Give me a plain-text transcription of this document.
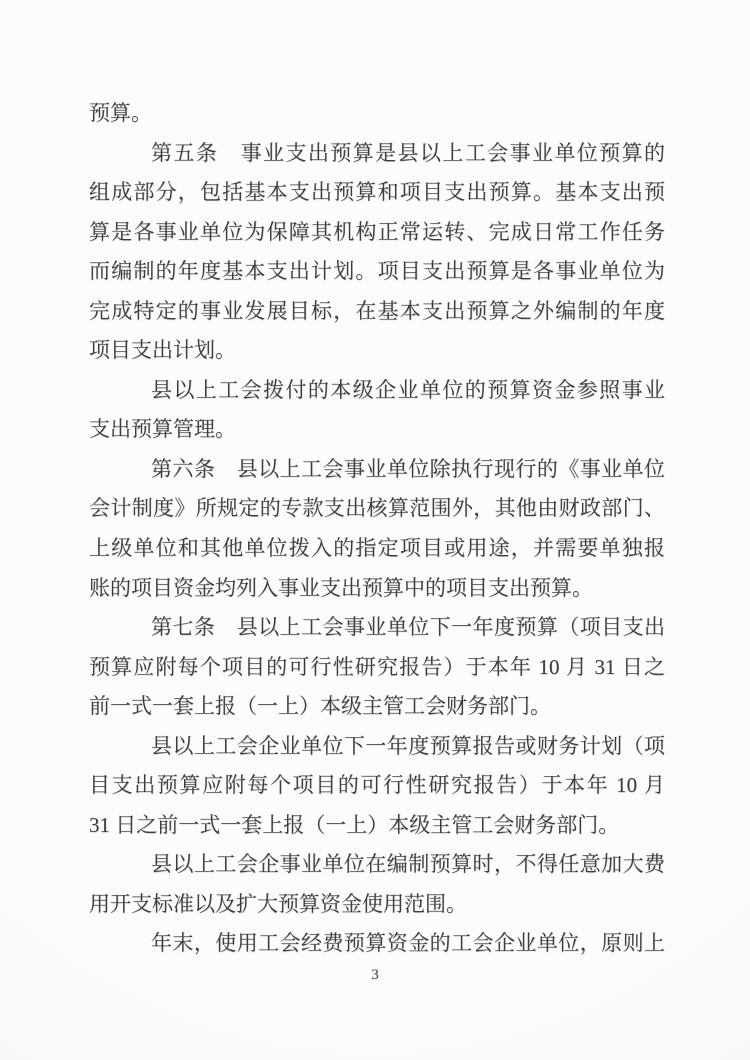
预算。
第五条　事业支出预算是县以上工会事业单位预算的
组成部分，包括基本支出预算和项目支出预算。基本支出预
算是各事业单位为保障其机构正常运转、完成日常工作任务
而编制的年度基本支出计划。项目支出预算是各事业单位为
完成特定的事业发展目标，在基本支出预算之外编制的年度
项目支出计划。
县以上工会拨付的本级企业单位的预算资金参照事业
支出预算管理。
第六条　县以上工会事业单位除执行现行的《事业单位
会计制度》所规定的专款支出核算范围外，其他由财政部门、
上级单位和其他单位拨入的指定项目或用途，并需要单独报
账的项目资金均列入事业支出预算中的项目支出预算。
第七条　县以上工会事业单位下一年度预算（项目支出
预算应附每个项目的可行性研究报告）于本年 10 月 31 日之
前一式一套上报（一上）本级主管工会财务部门。
县以上工会企业单位下一年度预算报告或财务计划（项
目支出预算应附每个项目的可行性研究报告）于本年 10 月
31 日之前一式一套上报（一上）本级主管工会财务部门。
县以上工会企事业单位在编制预算时，不得任意加大费
用开支标准以及扩大预算资金使用范围。
年末，使用工会经费预算资金的工会企业单位，原则上
3
